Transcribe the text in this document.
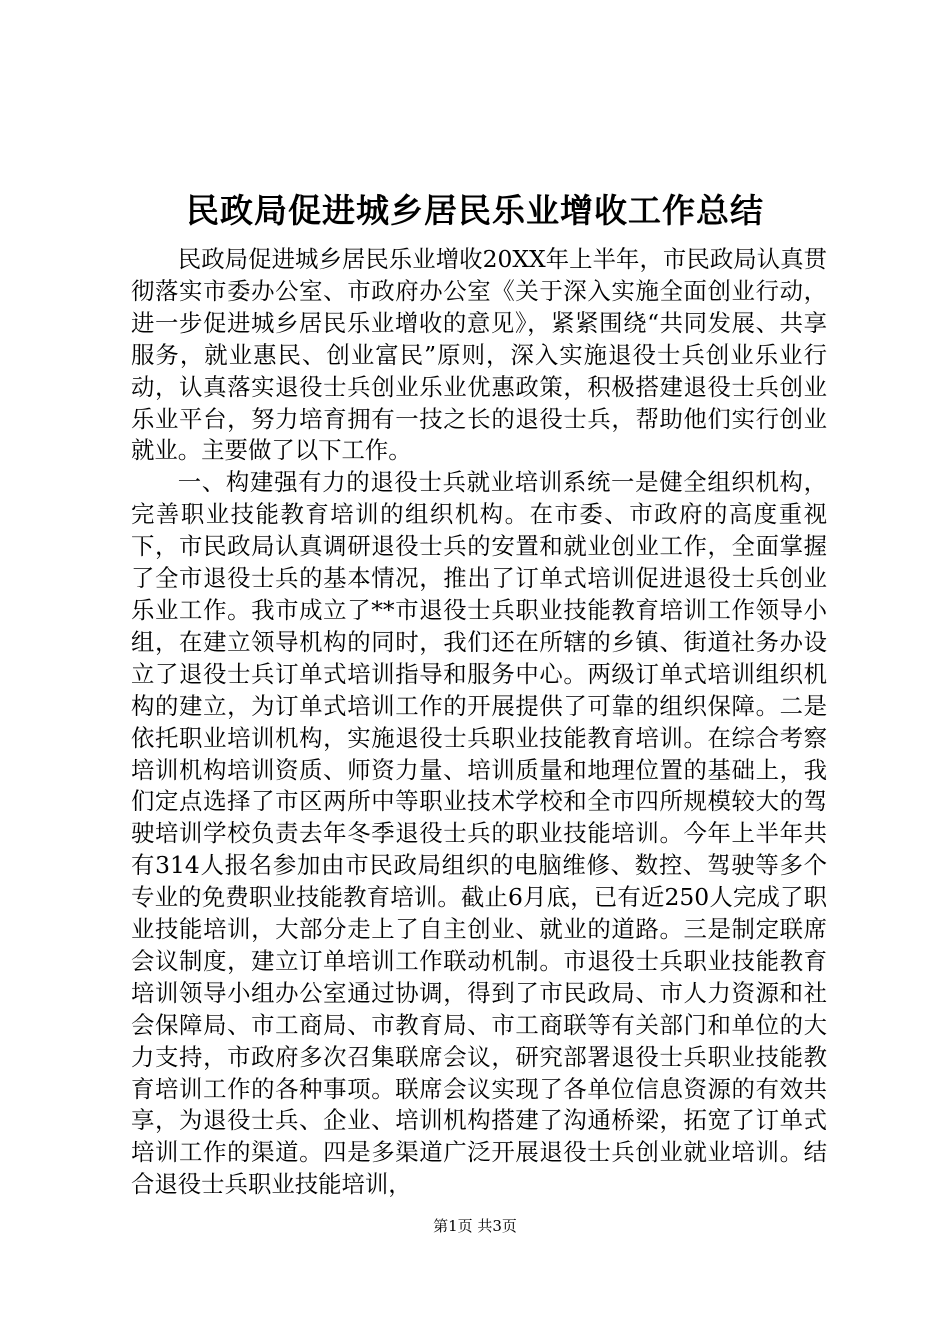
民政局促进城乡居民乐业增收工作总结

民政局促进城乡居民乐业增收20XX年上半年，市民政局认真贯彻落实市委办公室、市政府办公室《关于深入实施全面创业行动，进一步促进城乡居民乐业增收的意见》，紧紧围绕“共同发展、共享服务，就业惠民、创业富民”原则，深入实施退役士兵创业乐业行动，认真落实退役士兵创业乐业优惠政策，积极搭建退役士兵创业乐业平台，努力培育拥有一技之长的退役士兵，帮助他们实行创业就业。主要做了以下工作。

一、构建强有力的退役士兵就业培训系统一是健全组织机构，完善职业技能教育培训的组织机构。在市委、市政府的高度重视下，市民政局认真调研退役士兵的安置和就业创业工作，全面掌握了全市退役士兵的基本情况，推出了订单式培训促进退役士兵创业乐业工作。我市成立了**市退役士兵职业技能教育培训工作领导小组，在建立领导机构的同时，我们还在所辖的乡镇、街道社务办设立了退役士兵订单式培训指导和服务中心。两级订单式培训组织机构的建立，为订单式培训工作的开展提供了可靠的组织保障。二是依托职业培训机构，实施退役士兵职业技能教育培训。在综合考察培训机构培训资质、师资力量、培训质量和地理位置的基础上，我们定点选择了市区两所中等职业技术学校和全市四所规模较大的驾驶培训学校负责去年冬季退役士兵的职业技能培训。今年上半年共有314人报名参加由市民政局组织的电脑维修、数控、驾驶等多个专业的免费职业技能教育培训。截止6月底，已有近250人完成了职业技能培训，大部分走上了自主创业、就业的道路。三是制定联席会议制度，建立订单培训工作联动机制。市退役士兵职业技能教育培训领导小组办公室通过协调，得到了市民政局、市人力资源和社会保障局、市工商局、市教育局、市工商联等有关部门和单位的大力支持，市政府多次召集联席会议，研究部署退役士兵职业技能教育培训工作的各种事项。联席会议实现了各单位信息资源的有效共享，为退役士兵、企业、培训机构搭建了沟通桥梁，拓宽了订单式培训工作的渠道。四是多渠道广泛开展退役士兵创业就业培训。结合退役士兵职业技能培训，

第1页 共3页
